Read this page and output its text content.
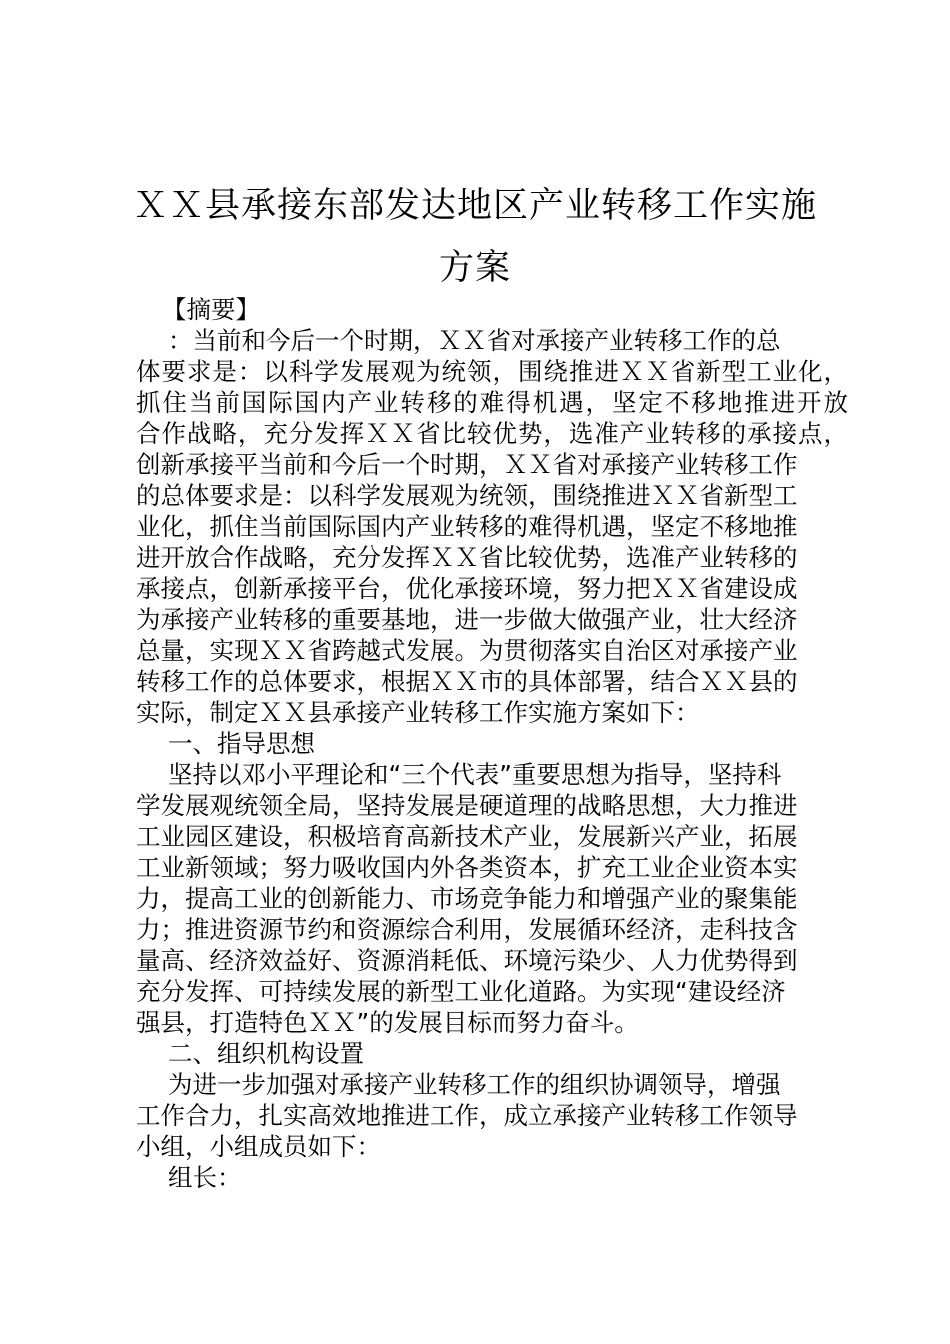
ＸＸ县承接东部发达地区产业转移工作实施
方案
【摘要】
：当前和今后一个时期，ＸＸ省对承接产业转移工作的总
体要求是：以科学发展观为统领，围绕推进ＸＸ省新型工业化，
抓住当前国际国内产业转移的难得机遇，坚定不移地推进开放
合作战略，充分发挥ＸＸ省比较优势，选准产业转移的承接点，
创新承接平当前和今后一个时期，ＸＸ省对承接产业转移工作
的总体要求是：以科学发展观为统领，围绕推进ＸＸ省新型工
业化，抓住当前国际国内产业转移的难得机遇，坚定不移地推
进开放合作战略，充分发挥ＸＸ省比较优势，选准产业转移的
承接点，创新承接平台，优化承接环境，努力把ＸＸ省建设成
为承接产业转移的重要基地，进一步做大做强产业，壮大经济
总量，实现ＸＸ省跨越式发展。为贯彻落实自治区对承接产业
转移工作的总体要求，根据ＸＸ市的具体部署，结合ＸＸ县的
实际，制定ＸＸ县承接产业转移工作实施方案如下：
一、指导思想
坚持以邓小平理论和“三个代表”重要思想为指导，坚持科
学发展观统领全局，坚持发展是硬道理的战略思想，大力推进
工业园区建设，积极培育高新技术产业，发展新兴产业，拓展
工业新领域；努力吸收国内外各类资本，扩充工业企业资本实
力，提高工业的创新能力、市场竞争能力和增强产业的聚集能
力；推进资源节约和资源综合利用，发展循环经济，走科技含
量高、经济效益好、资源消耗低、环境污染少、人力优势得到
充分发挥、可持续发展的新型工业化道路。为实现“建设经济
强县，打造特色ＸＸ”的发展目标而努力奋斗。
二、组织机构设置
为进一步加强对承接产业转移工作的组织协调领导，增强
工作合力，扎实高效地推进工作，成立承接产业转移工作领导
小组，小组成员如下：
组长：
